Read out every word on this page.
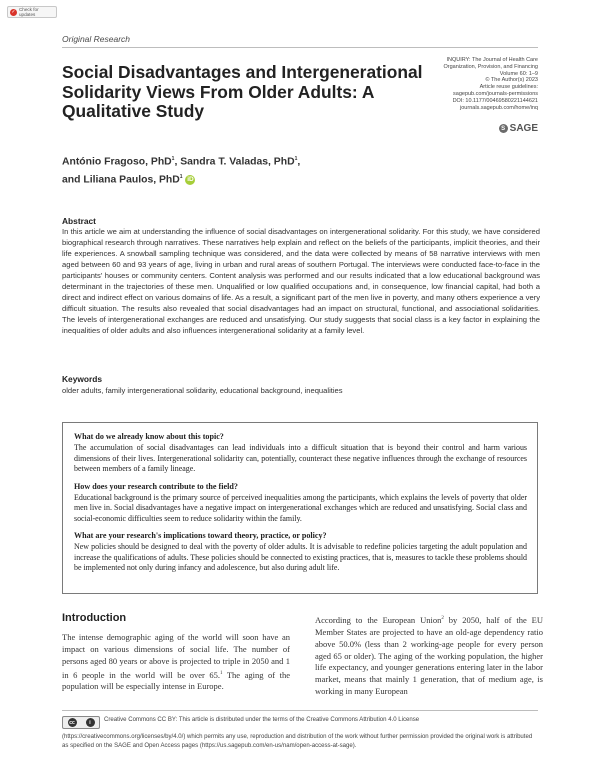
✓ Check for updates
Original Research
Social Disadvantages and Intergenerational Solidarity Views From Older Adults: A Qualitative Study
INQUIRY: The Journal of Health Care
Organization, Provision, and Financing
Volume 60: 1–9
© The Author(s) 2023
Article reuse guidelines:
sagepub.com/journals-permissions
DOI: 10.1177/00469580221144621
journals.sagepub.com/home/inq
S SAGE
António Fragoso, PhD$^1$, Sandra T. Valadas, PhD$^1$,
and Liliana Paulos, PhD$^1$ iD
Abstract
In this article we aim at understanding the influence of social disadvantages on intergenerational solidarity. For this study, we have considered biographical research through narratives. These narratives help explain and reflect on the beliefs of the participants, implicit theories, and their life experiences. A snowball sampling technique was considered, and the data were collected by means of 58 narrative interviews with men aged between 60 and 93 years of age, living in urban and rural areas of southern Portugal. The interviews were conducted face-to-face in the participants' houses or community centers. Content analysis was performed and our results indicated that a low educational background was determinant in the trajectories of these men. Unqualified or low qualified occupations and, in consequence, low financial capital, had both a direct and indirect effect on various domains of life. As a result, a significant part of the men live in poverty, and many others experience a very difficult situation. The results also revealed that social disadvantages had an impact on structural, functional, and associational solidarities. The levels of intergenerational exchanges are reduced and unsatisfying. Our study suggests that social class is a key factor in explaining the inequalities of older adults and also influences intergenerational solidarity at a family level.
Keywords
older adults, family intergenerational solidarity, educational background, inequalities
What do we already know about this topic?
The accumulation of social disadvantages can lead individuals into a difficult situation that is beyond their control and harm various dimensions of their lives. Intergenerational solidarity can, potentially, counteract these negative influences through the exchange of resources between members of a family lineage.
How does your research contribute to the field?
Educational background is the primary source of perceived inequalities among the participants, which explains the levels of poverty that older men live in. Social disadvantages have a negative impact on intergenerational exchanges which are reduced and unsatisfying. Social class and social-economic difficulties seem to reduce solidarity within the family.
What are your research's implications toward theory, practice, or policy?
New policies should be designed to deal with the poverty of older adults. It is advisable to redefine policies targeting the adult population and increase the qualifications of adults. These policies should be connected to existing practices, that is, measures to tackle these problems should be implemented not only during infancy and adolescence, but also during adult life.
Introduction
The intense demographic aging of the world will soon have an impact on various dimensions of social life. The number of persons aged 80 years or above is projected to triple in 2050 and 1 in 6 people in the world will be over 65.$^1$ The aging of the population will be especially intense in Europe.
According to the European Union$^2$ by 2050, half of the EU Member States are projected to have an old-age dependency ratio above 50.0% (less than 2 working-age people for every person aged 65 or older). The aging of the working population, the higher life expectancy, and younger generations entering later in the labor market, means that mainly 1 generation, that of medium age, is working in many European
cc	i	Creative Commons CC BY: This article is distributed under the terms of the Creative Commons Attribution 4.0 License
(https://creativecommons.org/licenses/by/4.0/) which permits any use, reproduction and distribution of the work without further permission provided the original work is attributed as specified on the SAGE and Open Access pages (https://us.sagepub.com/en-us/nam/open-access-at-sage).
